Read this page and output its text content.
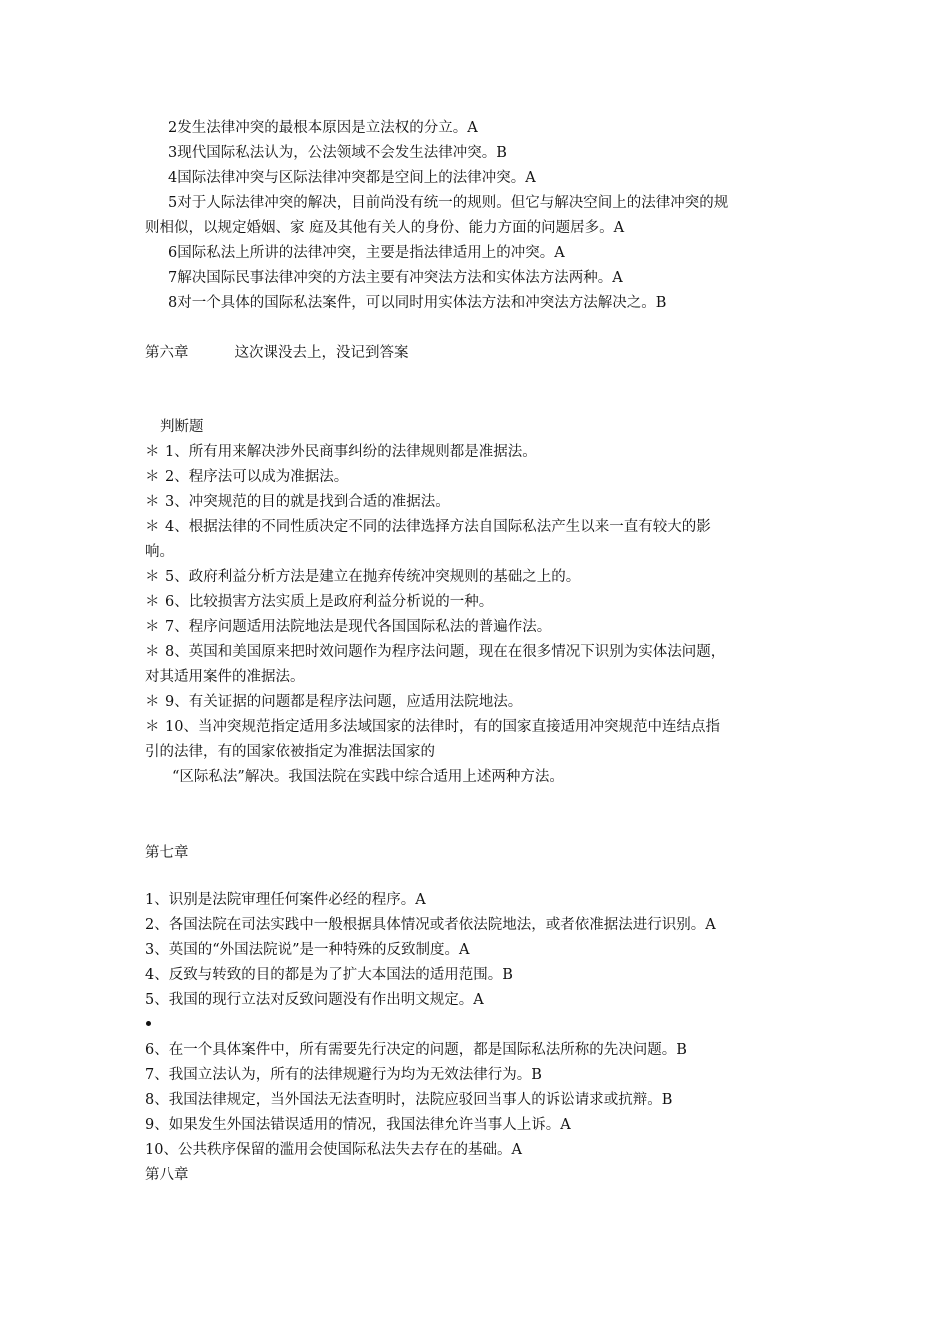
2发生法律冲突的最根本原因是立法权的分立。A
3现代国际私法认为，公法领域不会发生法律冲突。B
4国际法律冲突与区际法律冲突都是空间上的法律冲突。A
5对于人际法律冲突的解决，目前尚没有统一的规则。但它与解决空间上的法律冲突的规
则相似，以规定婚姻、家 庭及其他有关人的身份、能力方面的问题居多。A
6国际私法上所讲的法律冲突，主要是指法律适用上的冲突。A
7解决国际民事法律冲突的方法主要有冲突法方法和实体法方法两种。A
8对一个具体的国际私法案件，可以同时用实体法方法和冲突法方法解决之。B
第六章	这次课没去上，没记到答案
判断题
＊ 1、所有用来解决涉外民商事纠纷的法律规则都是准据法。
＊ 2、程序法可以成为准据法。
＊ 3、冲突规范的目的就是找到合适的准据法。
＊ 4、根据法律的不同性质决定不同的法律选择方法自国际私法产生以来一直有较大的影
响。
＊ 5、政府利益分析方法是建立在抛弃传统冲突规则的基础之上的。
＊ 6、比较损害方法实质上是政府利益分析说的一种。
＊ 7、程序问题适用法院地法是现代各国国际私法的普遍作法。
＊ 8、英国和美国原来把时效问题作为程序法问题，现在在很多情况下识别为实体法问题，
对其适用案件的准据法。
＊ 9、有关证据的问题都是程序法问题，应适用法院地法。
＊ 10、当冲突规范指定适用多法域国家的法律时，有的国家直接适用冲突规范中连结点指
引的法律，有的国家依被指定为准据法国家的
“区际私法”解决。我国法院在实践中综合适用上述两种方法。
第七章
1、识别是法院审理任何案件必经的程序。A
2、各国法院在司法实践中一般根据具体情况或者依法院地法，或者依准据法进行识别。A
3、英国的“外国法院说”是一种特殊的反致制度。A
4、反致与转致的目的都是为了扩大本国法的适用范围。B
5、我国的现行立法对反致问题没有作出明文规定。A
6、在一个具体案件中，所有需要先行决定的问题，都是国际私法所称的先决问题。B
7、我国立法认为，所有的法律规避行为均为无效法律行为。B
8、我国法律规定，当外国法无法查明时，法院应驳回当事人的诉讼请求或抗辩。B
9、如果发生外国法错误适用的情况，我国法律允许当事人上诉。A
10、公共秩序保留的滥用会使国际私法失去存在的基础。A
第八章
